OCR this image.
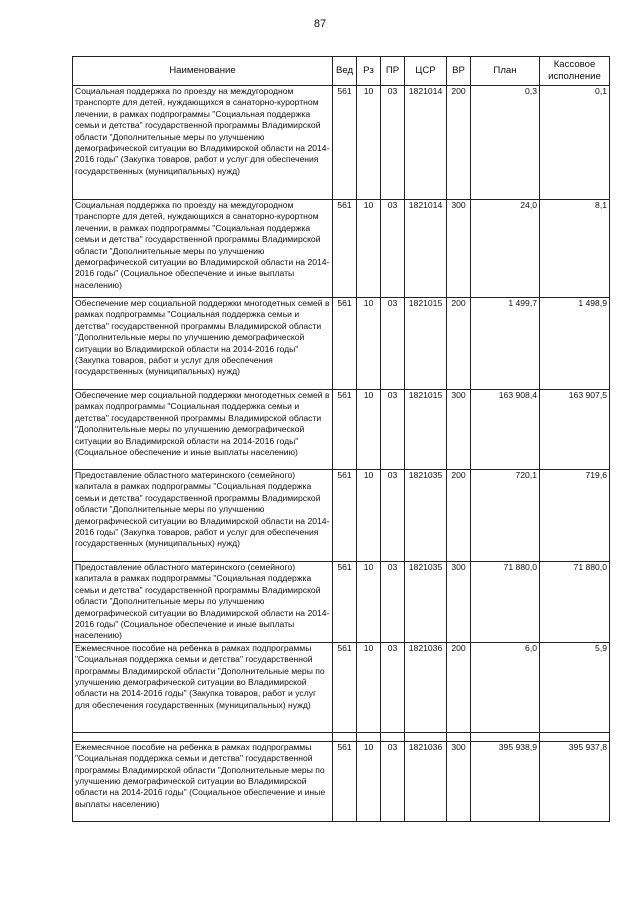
87
Наименование	Вед	Рз	ПР	ЦСР	ВР	План	Кассовое исполнение
Социальная поддержка по проезду на междугородном транспорте для детей, нуждающихся в санаторно-курортном лечении, в рамках подпрограммы "Социальная поддержка семьи и детства" государственной программы Владимирской области "Дополнительные меры по улучшению демографической ситуации во Владимирской области на 2014-2016 годы" (Закупка товаров, работ и услуг для обеспечения государственных (муниципальных) нужд)	561	10	03	1821014	200	0,3	0,1
Социальная поддержка по проезду на междугородном транспорте для детей, нуждающихся в санаторно-курортном лечении, в рамках подпрограммы "Социальная поддержка семьи и детства" государственной программы Владимирской области "Дополнительные меры по улучшению демографической ситуации во Владимирской области на 2014-2016 годы" (Социальное обеспечение и иные выплаты населению)	561	10	03	1821014	300	24,0	8,1
Обеспечение мер социальной поддержки многодетных семей в рамках подпрограммы "Социальная поддержка семьи и детства" государственной программы Владимирской области "Дополнительные меры по улучшению демографической ситуации во Владимирской области на 2014-2016 годы" (Закупка товаров, работ и услуг для обеспечения государственных (муниципальных) нужд)	561	10	03	1821015	200	1 499,7	1 498,9
Обеспечение мер социальной поддержки многодетных семей в рамках подпрограммы "Социальная поддержка семьи и детства" государственной программы Владимирской области "Дополнительные меры по улучшению демографической ситуации во Владимирской области на 2014-2016 годы" (Социальное обеспечение и иные выплаты населению)	561	10	03	1821015	300	163 908,4	163 907,5
Предоставление областного материнского (семейного) капитала в рамках подпрограммы "Социальная поддержка семьи и детства" государственной программы Владимирской области "Дополнительные меры по улучшению демографической ситуации во Владимирской области на 2014-2016 годы" (Закупка товаров, работ и услуг для обеспечения государственных (муниципальных) нужд)	561	10	03	1821035	200	720,1	719,6
Предоставление областного материнского (семейного) капитала в рамках подпрограммы "Социальная поддержка семьи и детства" государственной программы Владимирской области "Дополнительные меры по улучшению демографической ситуации во Владимирской области на 2014-2016 годы" (Социальное обеспечение и иные выплаты населению)	561	10	03	1821035	300	71 880,0	71 880,0
Ежемесячное пособие на ребенка в рамках подпрограммы "Социальная поддержка семьи и детства" государственной программы Владимирской области "Дополнительные меры по улучшению демографической ситуации во Владимирской области на 2014-2016 годы" (Закупка товаров, работ и услуг для обеспечения государственных (муниципальных) нужд)	561	10	03	1821036	200	6,0	5,9

Ежемесячное пособие на ребенка в рамках подпрограммы "Социальная поддержка семьи и детства" государственной программы Владимирской области "Дополнительные меры по улучшению демографической ситуации во Владимирской области на 2014-2016 годы" (Социальное обеспечение и иные выплаты населению)	561	10	03	1821036	300	395 938,9	395 937,8
